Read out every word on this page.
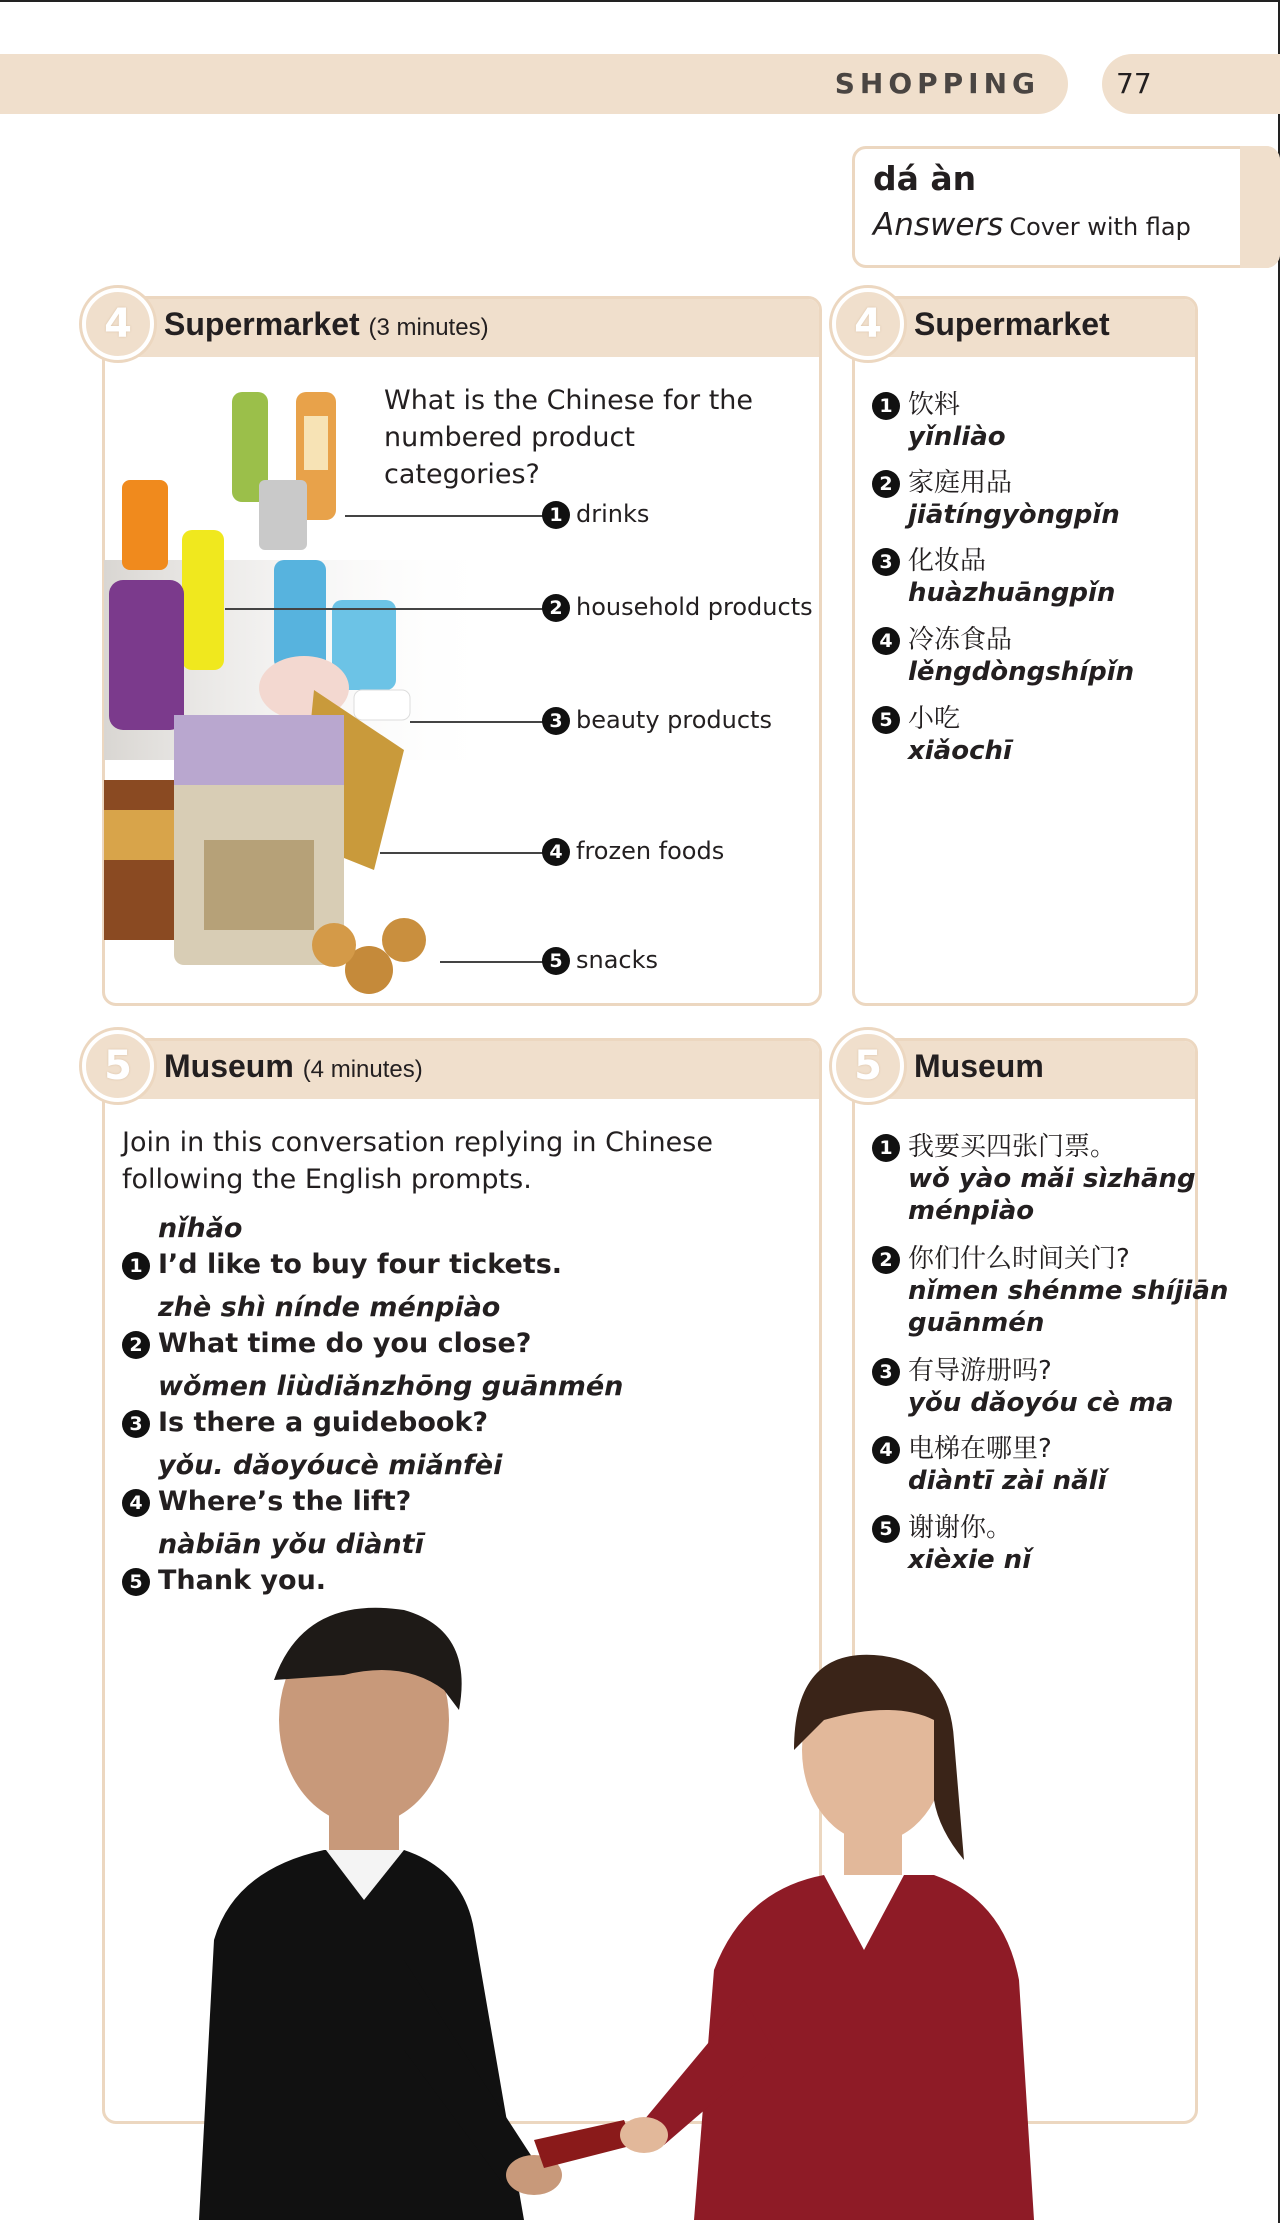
SHOPPING	77
dá àn
Answers Cover with flap
4	Supermarket (3 minutes)
What is the Chinese for the numbered product categories?
1 drinks
2 household products
3 beauty products
4 frozen foods
5 snacks
4	Supermarket
1 饮料
yǐnliào
2 家庭用品
jiātíngyòngpǐn
3 化妆品
huàzhuāngpǐn
4 冷冻食品
lěngdòngshípǐn
5 小吃
xiǎochī
5	Museum (4 minutes)
Join in this conversation replying in Chinese following the English prompts.
nǐhǎo
1 I’d like to buy four tickets.
zhè shì nínde ménpiào
2 What time do you close?
wǒmen liùdiǎnzhōng guānmén
3 Is there a guidebook?
yǒu. dǎoyóucè miǎnfèi
4 Where’s the lift?
nàbiān yǒu diàntī
5 Thank you.
5	Museum
1 我要买四张门票。
wǒ yào mǎi sìzhāng
ménpiào
2 你们什么时间关门?
nǐmen shénme shíjiān
guānmén
3 有导游册吗?
yǒu dǎoyóu cè ma
4 电梯在哪里?
diàntī zài nǎlǐ
5 谢谢你。
xièxie nǐ
